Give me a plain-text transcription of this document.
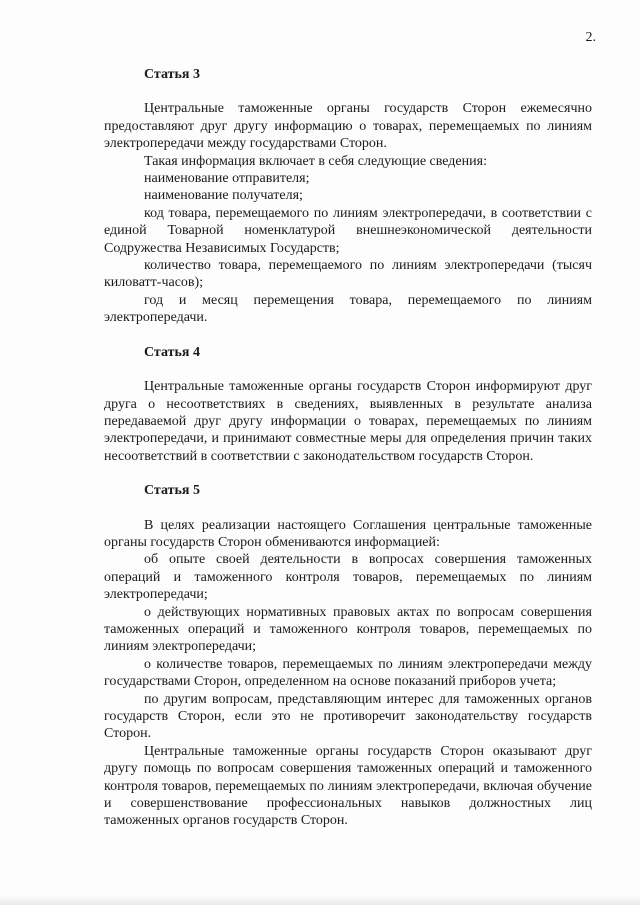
2.
Статья 3

Центральные таможенные органы государств Сторон ежемесячно предоставляют друг другу информацию о товарах, перемещаемых по линиям электропередачи между государствами Сторон.

Такая информация включает в себя следующие сведения:

наименование отправителя;

наименование получателя;

код товара, перемещаемого по линиям электропередачи, в соответствии с единой Товарной номенклатурой внешнеэкономической деятельности Содружества Независимых Государств;

количество товара, перемещаемого по линиям электропередачи (тысяч киловатт-часов);

год и месяц перемещения товара, перемещаемого по линиям электропередачи.

Статья 4

Центральные таможенные органы государств Сторон информируют друг друга о несоответствиях в сведениях, выявленных в результате анализа передаваемой друг другу информации о товарах, перемещаемых по линиям электропередачи, и принимают совместные меры для определения причин таких несоответствий в соответствии с законодательством государств Сторон.

Статья 5

В целях реализации настоящего Соглашения центральные таможенные органы государств Сторон обмениваются информацией:

об опыте своей деятельности в вопросах совершения таможенных операций и таможенного контроля товаров, перемещаемых по линиям электропередачи;

о действующих нормативных правовых актах по вопросам совершения таможенных операций и таможенного контроля товаров, перемещаемых по линиям электропередачи;

о количестве товаров, перемещаемых по линиям электропередачи между государствами Сторон, определенном на основе показаний приборов учета;

по другим вопросам, представляющим интерес для таможенных органов государств Сторон, если это не противоречит законодательству государств Сторон.

Центральные таможенные органы государств Сторон оказывают друг другу помощь по вопросам совершения таможенных операций и таможенного контроля товаров, перемещаемых по линиям электропередачи, включая обучение и совершенствование профессиональных навыков должностных лиц таможенных органов государств Сторон.
